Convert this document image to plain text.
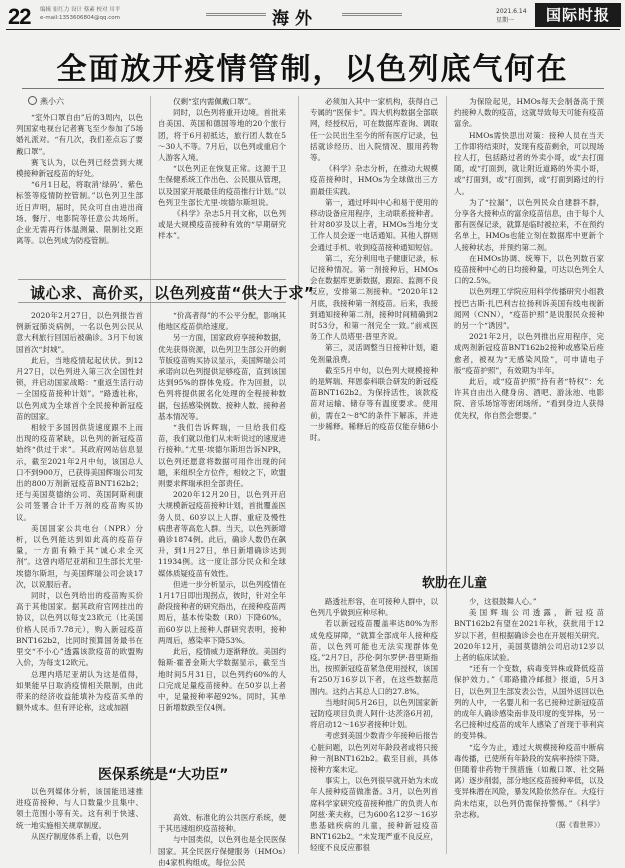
22 编辑 崔红力 设计 蔡素 校对 川平
e-mail:1353606804@qq.com	海外	2021.6.14
星期一	国际时报
全面放开疫情管制，以色列底气何在
燕小六

“室外口罩自由”后的3周内，以色列国家电视台记者赛飞至少参加了5场婚礼派对。“有几次，我们差点忘了要戴口罩”。

赛飞认为，以色列已经尝到大规模接种新冠疫苗的好处。

“6月1日起，将取消‘绿码’、紫色标签等疫情防控管制。”以色列卫生部近日声明，届时，民众可自由进出商场、餐厅、电影院等任意公共场所。企业无需再行体温测量、限制社交距离等。以色列成为防疫管制。

诚心求、高价买，以色列疫苗“供大于求”

2020年2月27日，以色列报告首例新冠肺炎病例，一名以色列公民从意大利旅行回国后被确诊。3月下旬该国首次“封城”。

此后，当地疫情起起伏伏。到12月27日，以色列进入第三次全国性封锁，并启动国家战略：“重返生活行动－全国疫苗接种计划”。“路透社称，以色列成为全球首个全民接种新冠疫苗的国家。

相较于多国因供货速度跟不上而出现的疫苗紧缺，以色列的新冠疫苗始终“供过于求”。其政府网站信息显示，截至2021年2月中旬，该国总人口不到900万，已获得美国辉瑞公司发出的800万剂新冠疫苗BNT162b2；还与美国莫德纳公司、英国阿斯利康公司签署合计千万剂的疫苗购买协议。

美国国家公共电台（NPR）分析，以色列能达到如此高的疫苗存量，一方面有赖于其“诚心求全灭剂”。这曾内塔尼亚胡和卫生部长尤里·埃德尔斯坦，与美国辉瑞公司会谈17次，以说服后者。

同时，以色列给出的疫苗购买价高于其他国家。据其政府官网挂出的协议，以色列以每支23欧元（比美国价格人民币7.78元），购入新冠疫苗BNT162b2，比同时预算国务最书在里交“不小心”透露该款疫苗的欧盟购入价，为每支12欧元。

总理内塔尼亚胡认为这是值得，如果能早日取消疫情相关限制，由此带来的经济收益能填补为疫苗买单的额外成本。但有评论称，这或加剧

医保系统是“大功臣”

以色列媒体分析，该国能迅速推进疫苗接种、与人口数量少且集中、领土范围小等有关。这有利于快速、统一地实施相关规章制度。

从医疗制度体系上看，以色列

仅剩“室内需佩戴口罩”。

同时，以色列将重开边境。首批来自美国、英国和德国等地的20个旅行团，将于6月初抵达，旅行团人数在5～30人不等。7月后，以色列或重启个人游客入境。

“以色列正在恢复正常。这源于卫生保健系统工作出色、公民服从管理，以及国家开展最佳的疫苗推行计划。”以色列卫生部长尤里·埃德尔斯坦说。

《科学》杂志5月刊文称，以色列或是大规模疫苗接种有效的“早期研究样本”。

“价高者得”的不公平分配，影响其他地区疫苗供给速度。

另一方面，国家政府享接种数据，优先获得资源，以色列卫生部公开的剩节版疫苗购买协议显示，美国辉瑞公司承诺向以色列提供足够疫苗，直到该国达到95%的群体免疫。作为回报，以色列将提供匿名化处理的全程接种数据，包括感染例数、接种人数、接种者基本情况等。

“我们告诉辉瑞，一旦给我们疫苗，我们就以他们从未听说过的速度进行接种。”尤里·埃德尔斯坦告诉NPR，以色列还愿意将数据可用作出现的问题，来组织全方位件，相较之下，欧盟则要求辉瑞承担全部责任。

2020年12月20日，以色列开启大规模新冠疫苗接种计划，首批覆盖医务人员、60岁以上人群、重症及慢性病患者等高危人群。当天，以色列新增确诊1874例。此后，确诊人数仍在飙升，到1月27日，单日新增确诊达到11934例。这一度让部分民众和全球媒体质疑疫苗有效性。

但进一步分析显示，以色列疫情在1月17日即出现拐点，彼时，针对全年龄段接种者的研究指出，在接种疫苗两周后，基本传染数（R0）下降60%。而60岁以上接种人群研究表明，接种两周后，感染率下降53%。

此后，疫情威力逐渐释放。美国约翰斯·霍普金斯大学数据显示，截至当地时间5月31日，以色列约60%的人口完成足量疫苗接种。在50岁以上者中，足量接种率超92%。同时，其单日新增数跌至仅4例。

高效、标准化的公共医疗系统，便于其迅速组织疫苗接种。

与中国类似，以色列也是全民医保国家。其全民医疗保健服务（HMOs）由4家机构组成，每位公民

必须加入其中一家机构，获得自己专属的“医保卡”。四大机构数据全部联网，经授权后，可在数据库查询、调取任一公民出生至今的所有医疗记录，包括就诊经历、出入院情况、服用药物等。

《科学》杂志分析，在推动大规模疫苗接种时，HMOs为全球做出三方面最佳实践。

第一，通过呼叫中心和易于使用的移动设备应用程序，主动联系接种者。针对80岁及以上者，HMOs当地分支工作人员会逐一电话通知。其他人群则会通过手机、收到疫苗接种通知短信。

第二，充分利用电子健康记录，标记接种情况。第一剂接种后，HMOs会在数据库更新数据，跟踪、监测不良反应，安排第二剂接种。“2020年12月底，我接种第一剂疫苗。后来，我接到通知接种第二剂，接种时间精确到2时53分，和第一剂完全一致。”前戒医务工作人员塔里·普里齐说。

第三，灵活调整当日接种计划，避免剂量浪费。

截至5月中旬，以色列大规模接种的是辉瑞、拜恩泰科联合研发的新冠疫苗BNT162b2。为保持活性，该款疫苗对运输、储存等有温度要求。使用前，需在2～8℃的条件下解冻，并进一步稀释。稀释后的疫苗仅能存储6小时。

软肋在儿童

路透社形容，在可接种人群中，以色列几乎做到应种尽种。

若以新冠疫苗覆盖率达80%为形成免疫屏障，“就算全部成年人接种疫苗，以色列可能也无法实现群体免疫。”2月7日，莎伦·阿尔罗伊·普里斯指出，按照新冠疫苗紧急使用授权，该国有250万16岁以下者，在这些数据范围内。这约占其总人口的27.8%。

当地时间5月26日，以色列国家新冠防疫项目负责人阿什·达茨洛6月初，将启动12～16岁者接种计划。

考虑到美国少数青少年接种后报告心脏问题，以色列对年龄段者或将只接种一剂BNT162b2。截至目前，具体接种方案未定。

事实上，以色列很早就开始为未成年人接种疫苗做准备。3月，以色列首席科学家研究疫苗接种推广的负责人布阿兹·莱夫称，已为600名12岁～16岁患基础疾病的儿童，接种新冠疫苗BNT162b2。“未发现严重不良反应，轻度不良反应都很

为保险起见，HMOs每天会制备高于预约接种人数的疫苗，这就导致每天可能有疫苗富余。

HMOs需快思出对策：接种人员在当天工作即将结束时，发现有疫苗剩余，可以现场拉人打，包括路过者的外卖小哥，或“去打面随，或“打面到，就让附近道路的外卖小哥，或“打面到，或“打面到，或“打面到路过的行人。

为了“拉漏”，以色列民众自建群不群，分享各大接种点的富余疫苗信息，由于每个人都有医保记录，就算是临时被拉来，不在预约名单上，HMOs也能立刻在数据库中更新个人接种状态，并预约第二剂。

在HMOs协调、统筹下，以色列数百家疫苗接种中心的日均接种量，可达以色列全人口的2.5%。

以色列理工学院应用科学传播研究小组教授巴古斯·扎巴利吉拉扬利诉美国有线电视新闻网（CNN），“疫苗护照”是说服民众接种的另一个“诱因”。

2021年2月，以色列推出应用程序，完成两剂新冠疫苗BNT162b2接种或感染后痊愈者，被视为“无感染风险”，可申请电子版“疫苗护照”，有效期为半年。

此后，或“疫苗护照”持有者“特权”：允许其自由出入健身房、酒吧、游泳池、电影院、音乐场馆等密闭场所。“看到身边人获得优先权，你自然会想要。”

少，这很鼓舞人心。”

美国辉瑞公司透露，新冠疫苗BNT162b2有望在2021年秋，获批用于12岁以下者，但根据确诊会也在开展相关研究。2020年12月，美国莫德纳公司启动12岁以上者的临床试验。

“还有一个变数，病毒变异株或降低疫苗保护效力。”《耶路撒冷邮报》报道，5月3日，以色列卫生部发表公告，从国外返回以色列的人中，一名婴儿和一名已接种过新冠疫苗的成年人确诊感染南非及印度的变异株，另一名已接种过疫苗的成年人感染了首现于菲利宾的变异株。

“迄今为止，通过大规模接种疫苗中断病毒传播，已使所有年龄段的发病率持续下降。但随着非药物干预措施（如戴口罩、社交隔离）逐步削弱，部分地区疫苗接种率低，以及变异株潜在风险，暴发风险依然存在。大疫行尚未结束，以色列仍需保持警惕。”《科学》杂志称。

（据《看世界》）
